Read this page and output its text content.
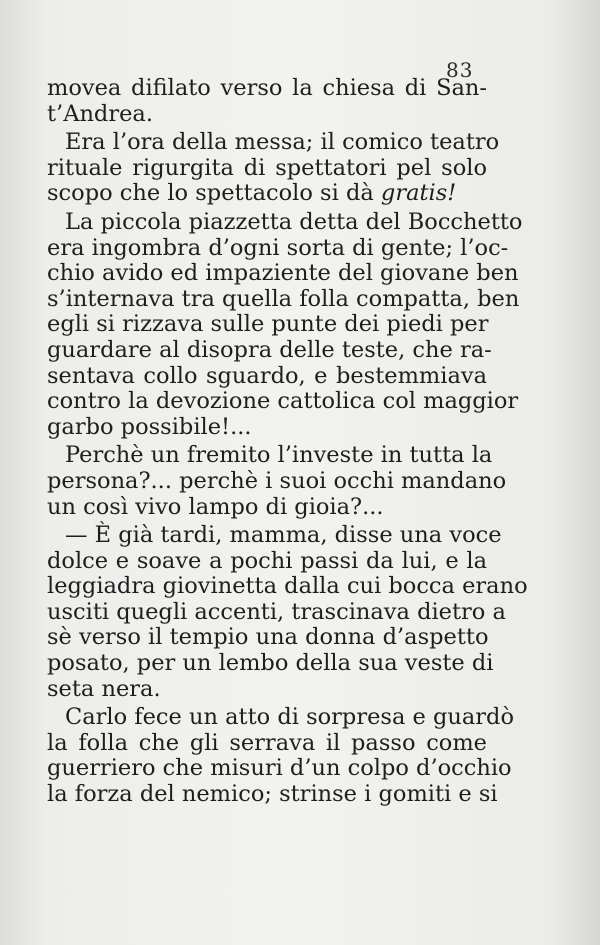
83
movea difilato verso la chiesa di San-
t’Andrea.
Era l’ora della messa; il comico teatro
rituale rigurgita di spettatori pel solo
scopo che lo spettacolo si dà gratis!
La piccola piazzetta detta del Bocchetto
era ingombra d’ogni sorta di gente; l’oc-
chio avido ed impaziente del giovane ben
s’internava tra quella folla compatta, ben
egli si rizzava sulle punte dei piedi per
guardare al disopra delle teste, che ra-
sentava collo sguardo, e bestemmiava
contro la devozione cattolica col maggior
garbo possibile!...
Perchè un fremito l’investe in tutta la
persona?... perchè i suoi occhi mandano
un così vivo lampo di gioia?...
— È già tardi, mamma, disse una voce
dolce e soave a pochi passi da lui, e la
leggiadra giovinetta dalla cui bocca erano
usciti quegli accenti, trascinava dietro a
sè verso il tempio una donna d’aspetto
posato, per un lembo della sua veste di
seta nera.
Carlo fece un atto di sorpresa e guardò
la folla che gli serrava il passo come
guerriero che misuri d’un colpo d’occhio
la forza del nemico; strinse i gomiti e si
